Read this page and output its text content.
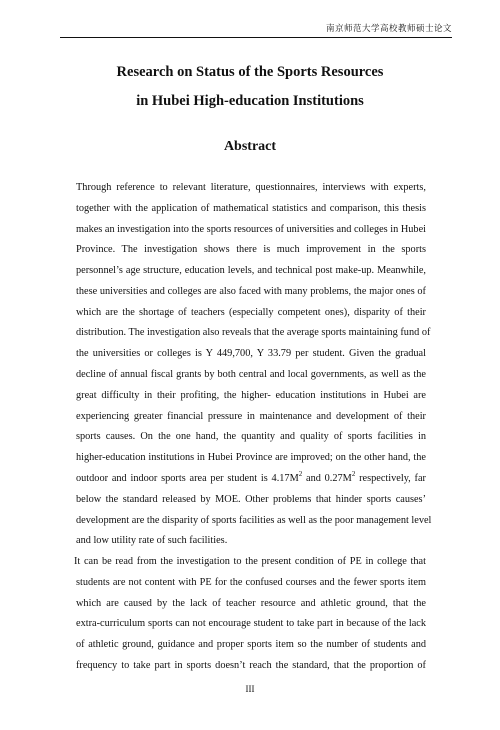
南京师范大学高校教师硕士论文
Research on Status of the Sports Resources
in Hubei High-education Institutions
Abstract
Through reference to relevant literature, questionnaires, interviews with experts,
together with the application of mathematical statistics and comparison, this thesis
makes an investigation into the sports resources of universities and colleges in Hubei
Province. The investigation shows there is much improvement in the sports
personnel’s age structure, education levels, and technical post make-up. Meanwhile,
these universities and colleges are also faced with many problems, the major ones of
which are the shortage of teachers (especially competent ones), disparity of their
distribution. The investigation also reveals that the average sports maintaining fund of
the universities or colleges is Y 449,700, Y 33.79 per student. Given the gradual
decline of annual fiscal grants by both central and local governments, as well as the
great difficulty in their profiting, the higher- education institutions in Hubei are
experiencing greater financial pressure in maintenance and development of their
sports causes. On the one hand, the quantity and quality of sports facilities in
higher-education institutions in Hubei Province are improved; on the other hand, the
outdoor and indoor sports area per student is $4.17M^2$ and $0.27M^2$ respectively, far
below the standard released by MOE. Other problems that hinder sports causes’
development are the disparity of sports facilities as well as the poor management level
and low utility rate of such facilities.
It can be read from the investigation to the present condition of PE in college that
students are not content with PE for the confused courses and the fewer sports item
which are caused by the lack of teacher resource and athletic ground, that the
extra-curriculum sports can not encourage student to take part in because of the lack
of athletic ground, guidance and proper sports item so the number of students and
frequency to take part in sports doesn’t reach the standard, that the proportion of
III
